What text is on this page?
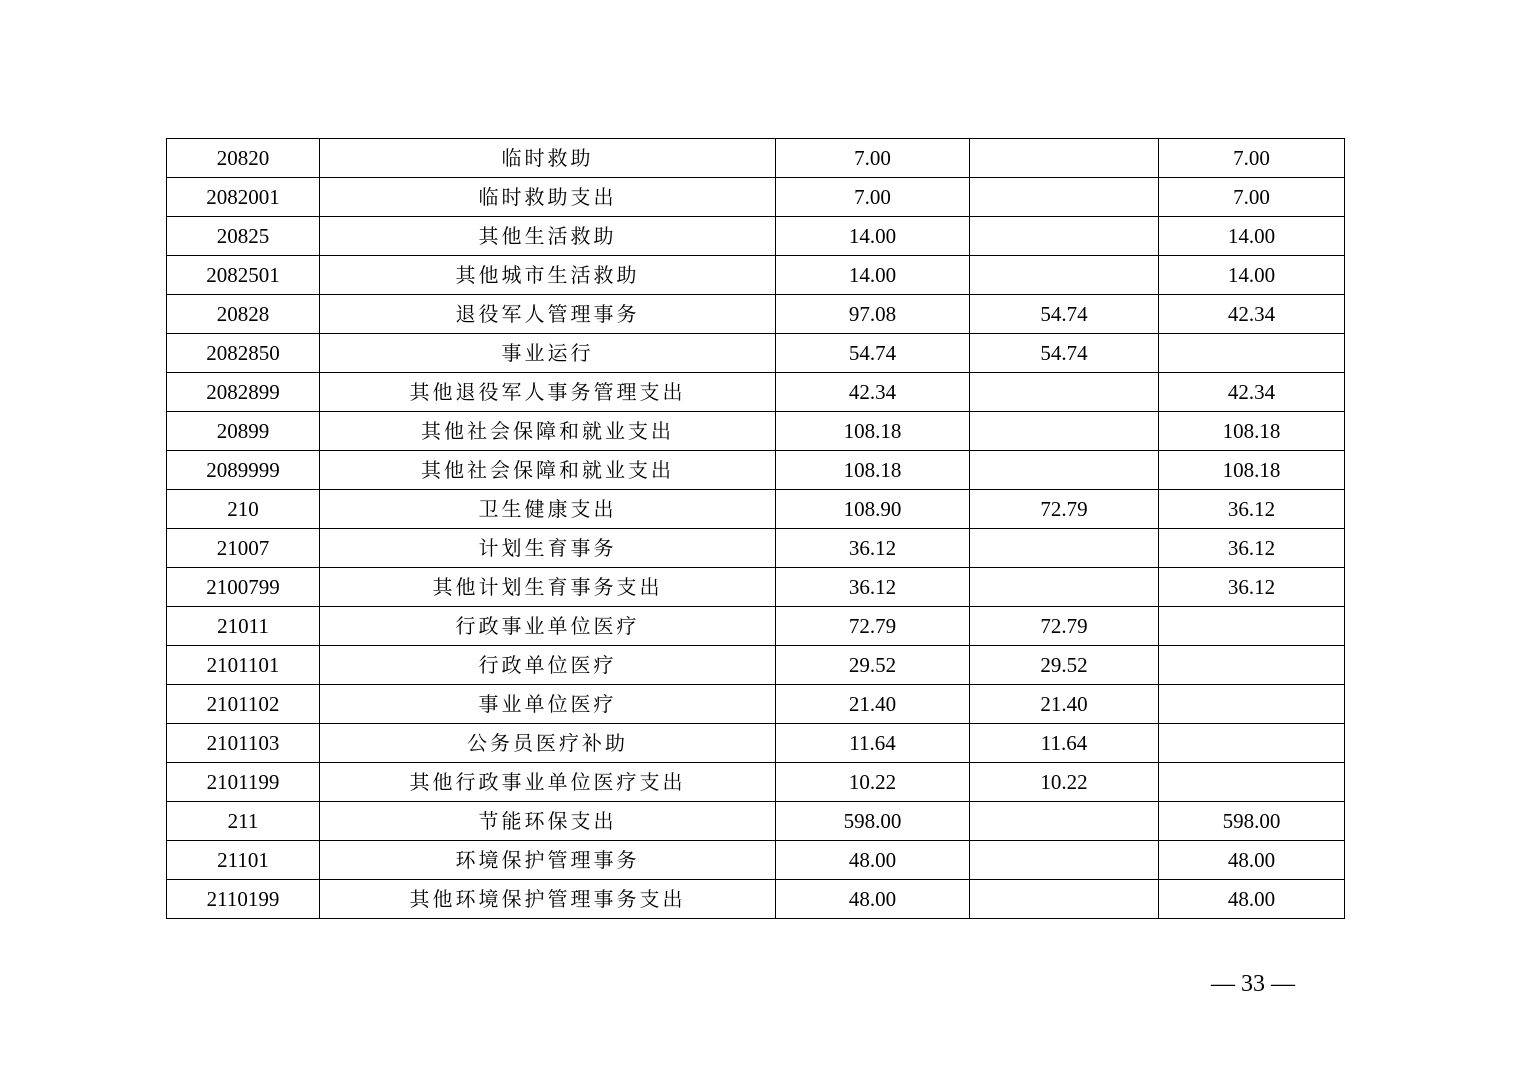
20820	临时救助	7.00		7.00
2082001	临时救助支出	7.00		7.00
20825	其他生活救助	14.00		14.00
2082501	其他城市生活救助	14.00		14.00
20828	退役军人管理事务	97.08	54.74	42.34
2082850	事业运行	54.74	54.74	
2082899	其他退役军人事务管理支出	42.34		42.34
20899	其他社会保障和就业支出	108.18		108.18
2089999	其他社会保障和就业支出	108.18		108.18
210	卫生健康支出	108.90	72.79	36.12
21007	计划生育事务	36.12		36.12
2100799	其他计划生育事务支出	36.12		36.12
21011	行政事业单位医疗	72.79	72.79	
2101101	行政单位医疗	29.52	29.52	
2101102	事业单位医疗	21.40	21.40	
2101103	公务员医疗补助	11.64	11.64	
2101199	其他行政事业单位医疗支出	10.22	10.22	
211	节能环保支出	598.00		598.00
21101	环境保护管理事务	48.00		48.00
2110199	其他环境保护管理事务支出	48.00		48.00
— 33 —
